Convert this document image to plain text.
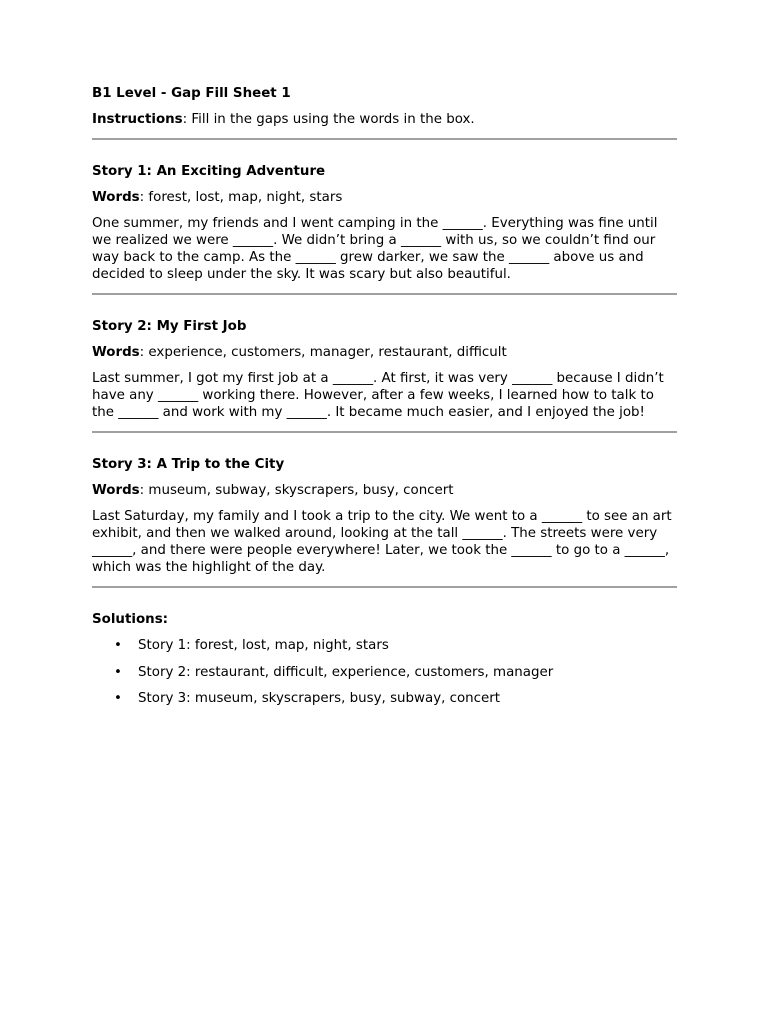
B1 Level - Gap Fill Sheet 1

Instructions: Fill in the gaps using the words in the box.

Story 1: An Exciting Adventure

Words: forest, lost, map, night, stars

One summer, my friends and I went camping in the ______. Everything was fine until we realized we were ______. We didn’t bring a ______ with us, so we couldn’t find our way back to the camp. As the ______ grew darker, we saw the ______ above us and decided to sleep under the sky. It was scary but also beautiful.

Story 2: My First Job

Words: experience, customers, manager, restaurant, difficult

Last summer, I got my first job at a ______. At first, it was very ______ because I didn’t have any ______ working there. However, after a few weeks, I learned how to talk to the ______ and work with my ______. It became much easier, and I enjoyed the job!

Story 3: A Trip to the City

Words: museum, subway, skyscrapers, busy, concert

Last Saturday, my family and I took a trip to the city. We went to a ______ to see an art exhibit, and then we walked around, looking at the tall ______. The streets were very ______, and there were people everywhere! Later, we took the ______ to go to a ______, which was the highlight of the day.

Solutions:

• Story 1: forest, lost, map, night, stars
• Story 2: restaurant, difficult, experience, customers, manager
• Story 3: museum, skyscrapers, busy, subway, concert
